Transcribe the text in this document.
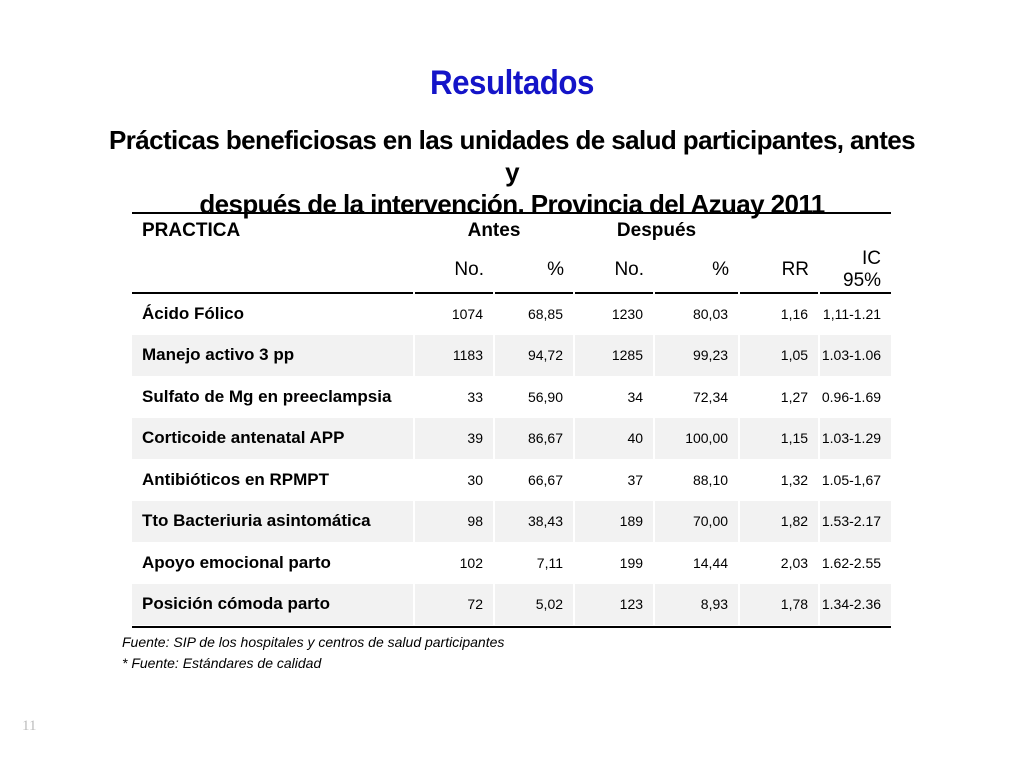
Resultados
Prácticas beneficiosas en las unidades de salud participantes, antes y
después de la intervención. Provincia del Azuay 2011
PRACTICA	Antes		Después			
	No.	%	No.	%	RR	IC 95%
Ácido Fólico	1074	68,85	1230	80,03	1,16	1,11-1.21
Manejo activo 3 pp	1183	94,72	1285	99,23	1,05	1.03-1.06
Sulfato de Mg en preeclampsia	33	56,90	34	72,34	1,27	0.96-1.69
Corticoide antenatal APP	39	86,67	40	100,00	1,15	1.03-1.29
Antibióticos en RPMPT	30	66,67	37	88,10	1,32	1.05-1,67
Tto Bacteriuria asintomática	98	38,43	189	70,00	1,82	1.53-2.17
Apoyo emocional parto	102	7,11	199	14,44	2,03	1.62-2.55
Posición cómoda parto	72	5,02	123	8,93	1,78	1.34-2.36
Fuente: SIP de los hospitales y centros de salud participantes
* Fuente: Estándares de calidad
11
